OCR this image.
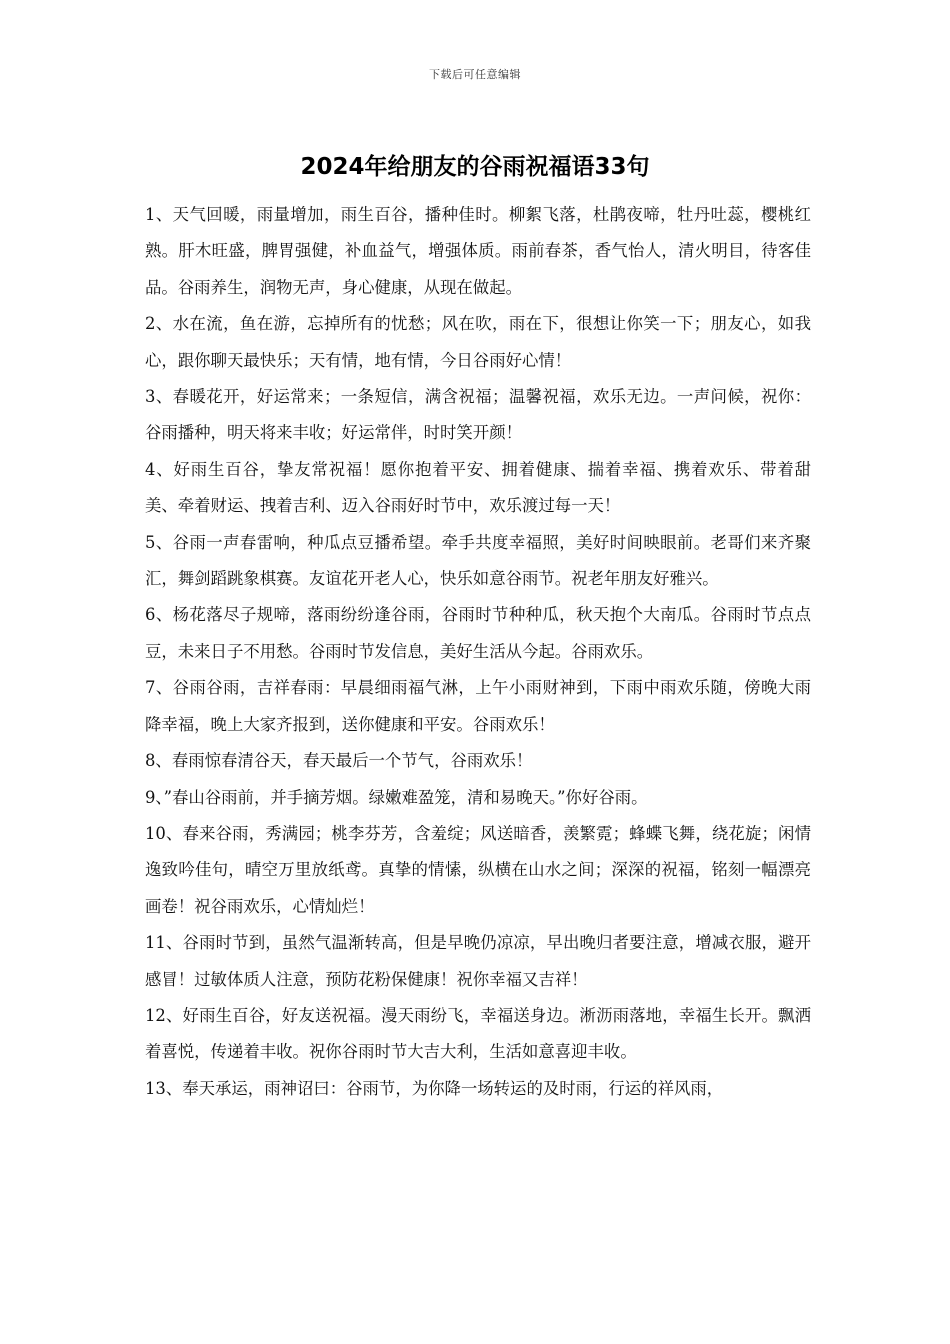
下载后可任意编辑
2024年给朋友的谷雨祝福语33句

1、天气回暖，雨量增加，雨生百谷，播种佳时。柳絮飞落，杜鹃夜啼，牡丹吐蕊，樱桃红熟。肝木旺盛，脾胃强健，补血益气，增强体质。雨前春茶，香气怡人，清火明目，待客佳品。谷雨养生，润物无声，身心健康，从现在做起。

2、水在流，鱼在游，忘掉所有的忧愁；风在吹，雨在下，很想让你笑一下；朋友心，如我心，跟你聊天最快乐；天有情，地有情，今日谷雨好心情！

3、春暖花开，好运常来；一条短信，满含祝福；温馨祝福，欢乐无边。一声问候，祝你：谷雨播种，明天将来丰收；好运常伴，时时笑开颜！

4、好雨生百谷，挚友常祝福！愿你抱着平安、拥着健康、揣着幸福、携着欢乐、带着甜美、牵着财运、拽着吉利、迈入谷雨好时节中，欢乐渡过每一天！

5、谷雨一声春雷响，种瓜点豆播希望。牵手共度幸福照，美好时间映眼前。老哥们来齐聚汇，舞剑蹈跳象棋赛。友谊花开老人心，快乐如意谷雨节。祝老年朋友好雅兴。

6、杨花落尽子规啼，落雨纷纷逢谷雨，谷雨时节种种瓜，秋天抱个大南瓜。谷雨时节点点豆，未来日子不用愁。谷雨时节发信息，美好生活从今起。谷雨欢乐。

7、谷雨谷雨，吉祥春雨：早晨细雨福气淋，上午小雨财神到，下雨中雨欢乐随，傍晚大雨降幸福，晚上大家齐报到，送你健康和平安。谷雨欢乐！

8、春雨惊春清谷天，春天最后一个节气，谷雨欢乐！

9、”春山谷雨前，并手摘芳烟。绿嫩难盈笼，清和易晚天。”你好谷雨。

10、春来谷雨，秀满园；桃李芬芳，含羞绽；风送暗香，羡繁霓；蜂蝶飞舞，绕花旋；闲情逸致吟佳句，晴空万里放纸鸢。真挚的情愫，纵横在山水之间；深深的祝福，铭刻一幅漂亮画卷！祝谷雨欢乐，心情灿烂！

11、谷雨时节到，虽然气温渐转高，但是早晚仍凉凉，早出晚归者要注意，增减衣服，避开感冒！过敏体质人注意，预防花粉保健康！祝你幸福又吉祥！

12、好雨生百谷，好友送祝福。漫天雨纷飞，幸福送身边。淅沥雨落地，幸福生长开。飘洒着喜悦，传递着丰收。祝你谷雨时节大吉大利，生活如意喜迎丰收。

13、奉天承运，雨神诏曰：谷雨节，为你降一场转运的及时雨，行运的祥风雨，
